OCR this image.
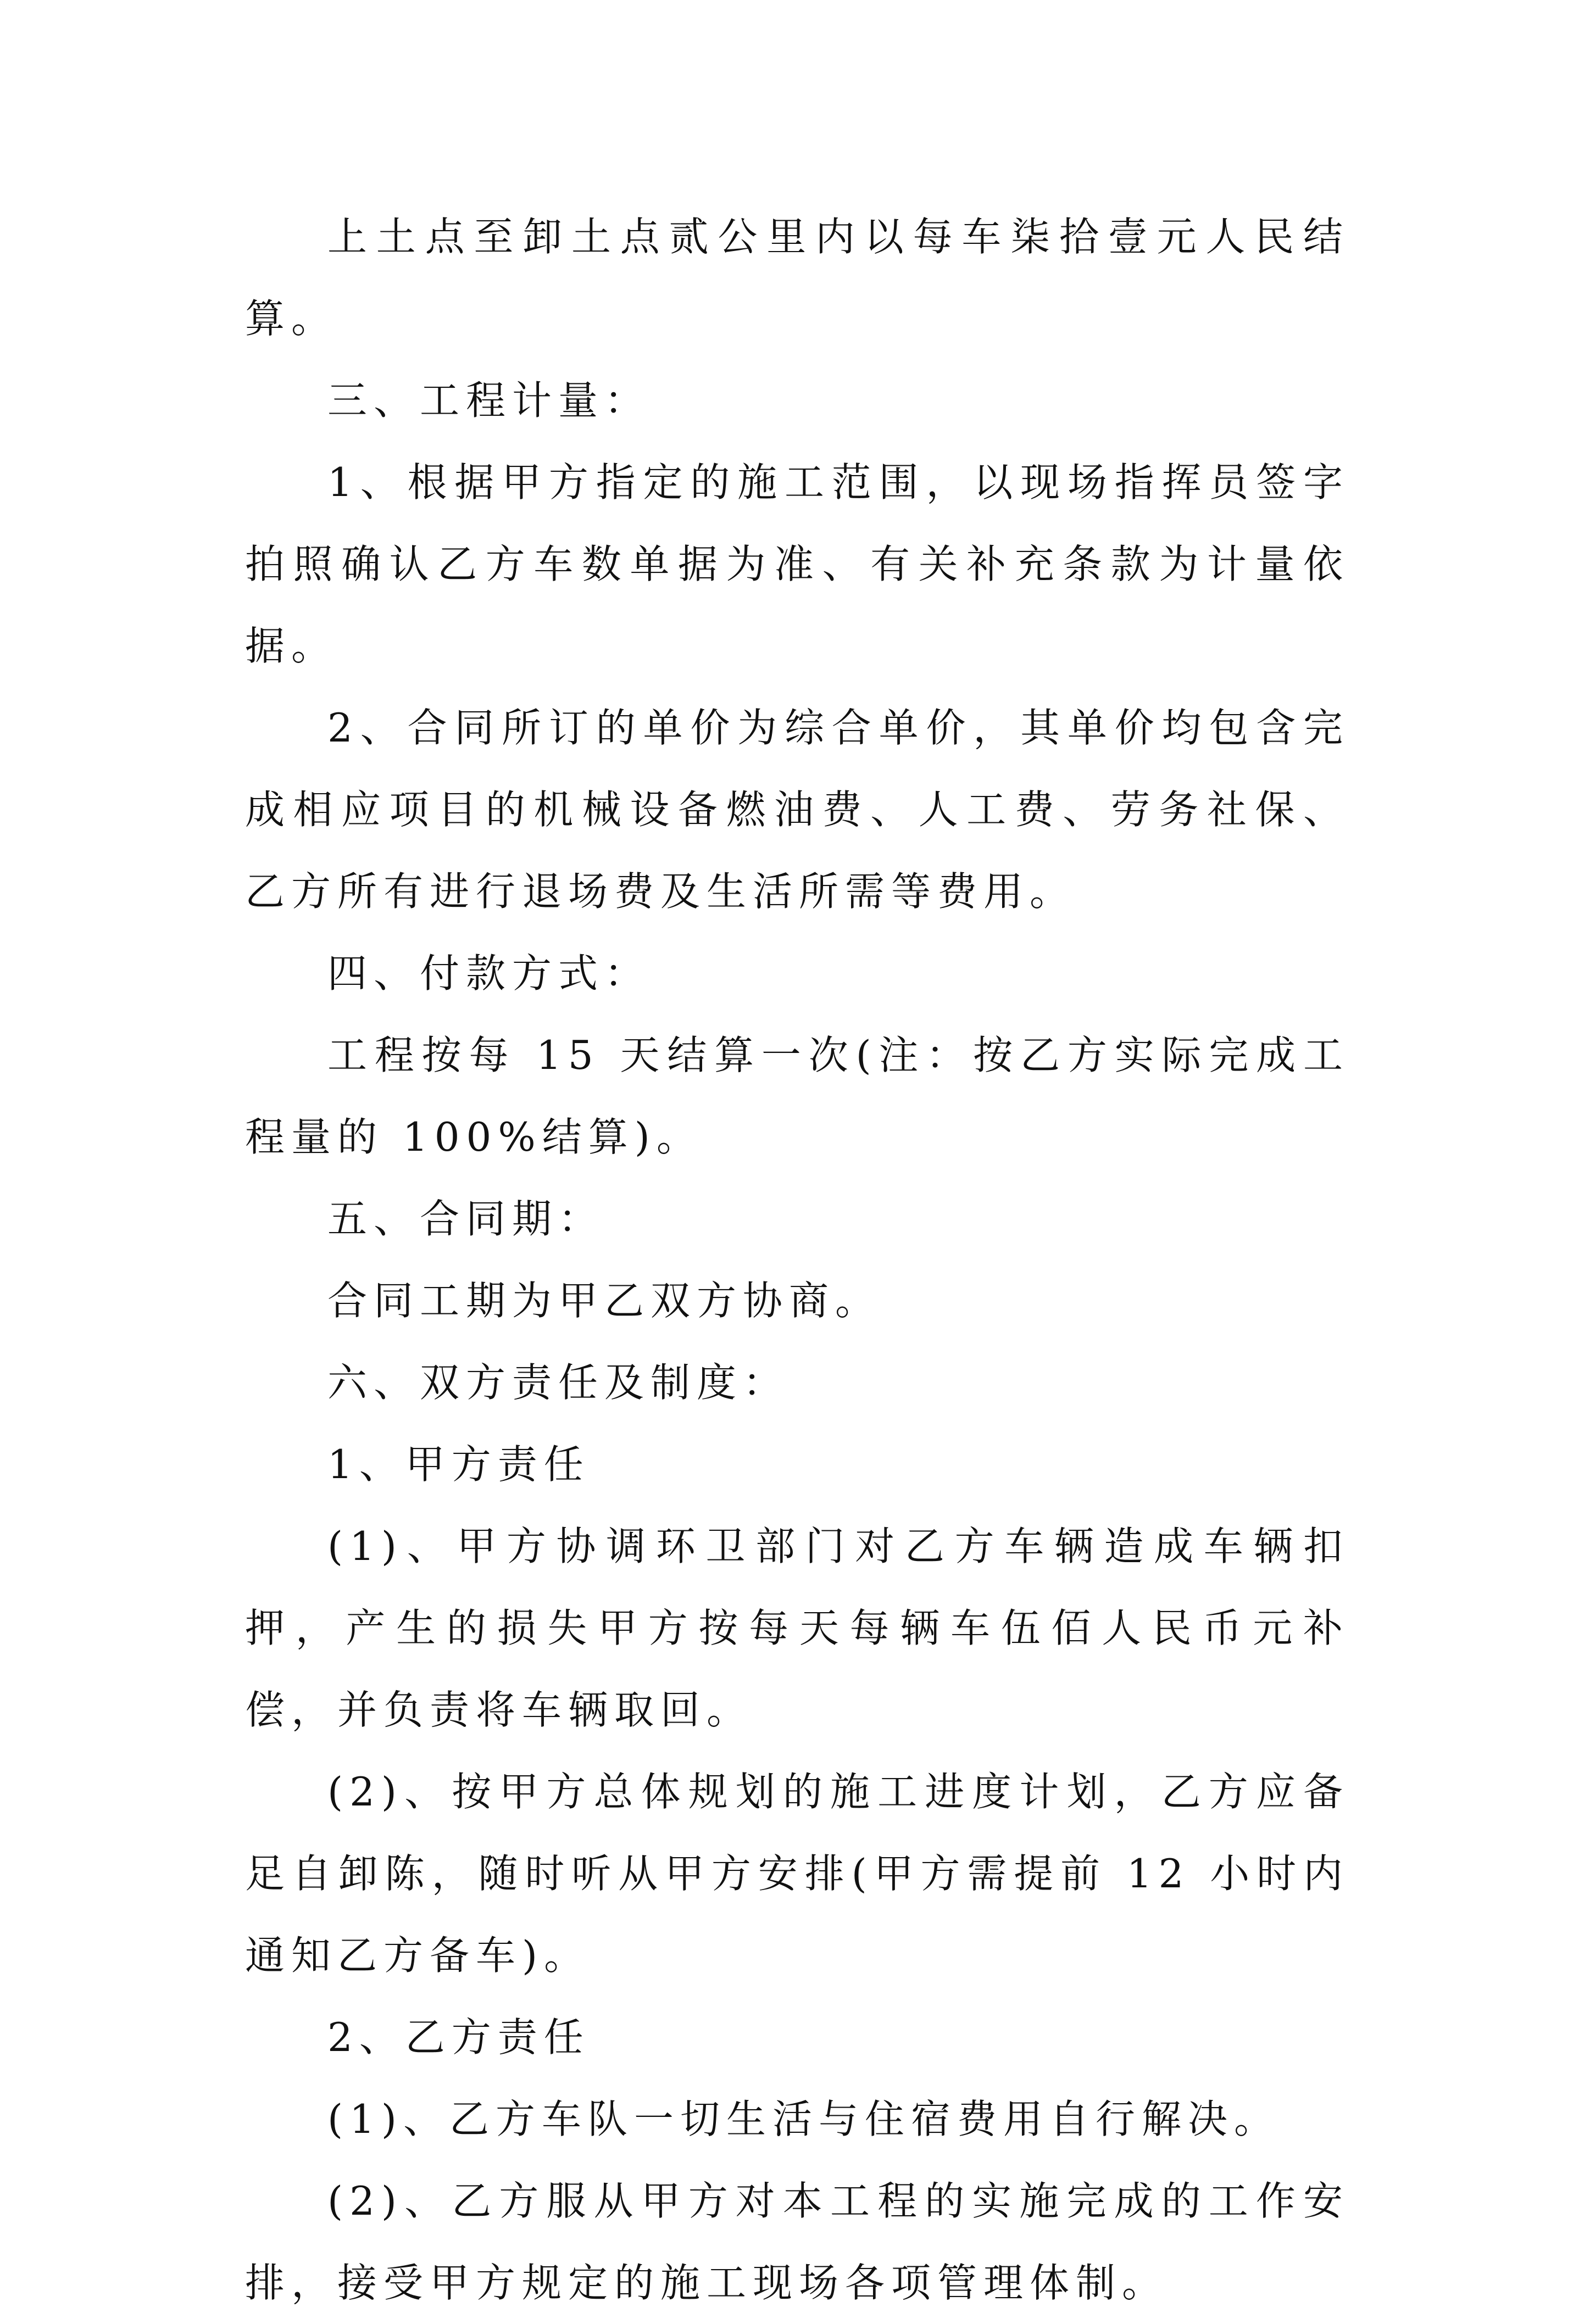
上土点至卸土点贰公里内以每车柒拾壹元人民结算。

三、工程计量：

1、根据甲方指定的施工范围，以现场指挥员签字拍照确认乙方车数单据为准、有关补充条款为计量依据。

2、合同所订的单价为综合单价，其单价均包含完成相应项目的机械设备燃油费、人工费、劳务社保、乙方所有进行退场费及生活所需等费用。

四、付款方式：

工程按每 15 天结算一次(注：按乙方实际完成工程量的 100%结算)。

五、合同期：

合同工期为甲乙双方协商。

六、双方责任及制度：

1、甲方责任

(1)、甲方协调环卫部门对乙方车辆造成车辆扣押，产生的损失甲方按每天每辆车伍佰人民币元补偿，并负责将车辆取回。

(2)、按甲方总体规划的施工进度计划，乙方应备足自卸陈，随时听从甲方安排(甲方需提前 12 小时内通知乙方备车)。

2、乙方责任

(1)、乙方车队一切生活与住宿费用自行解决。

(2)、乙方服从甲方对本工程的实施完成的工作安排，接受甲方规定的施工现场各项管理体制。
